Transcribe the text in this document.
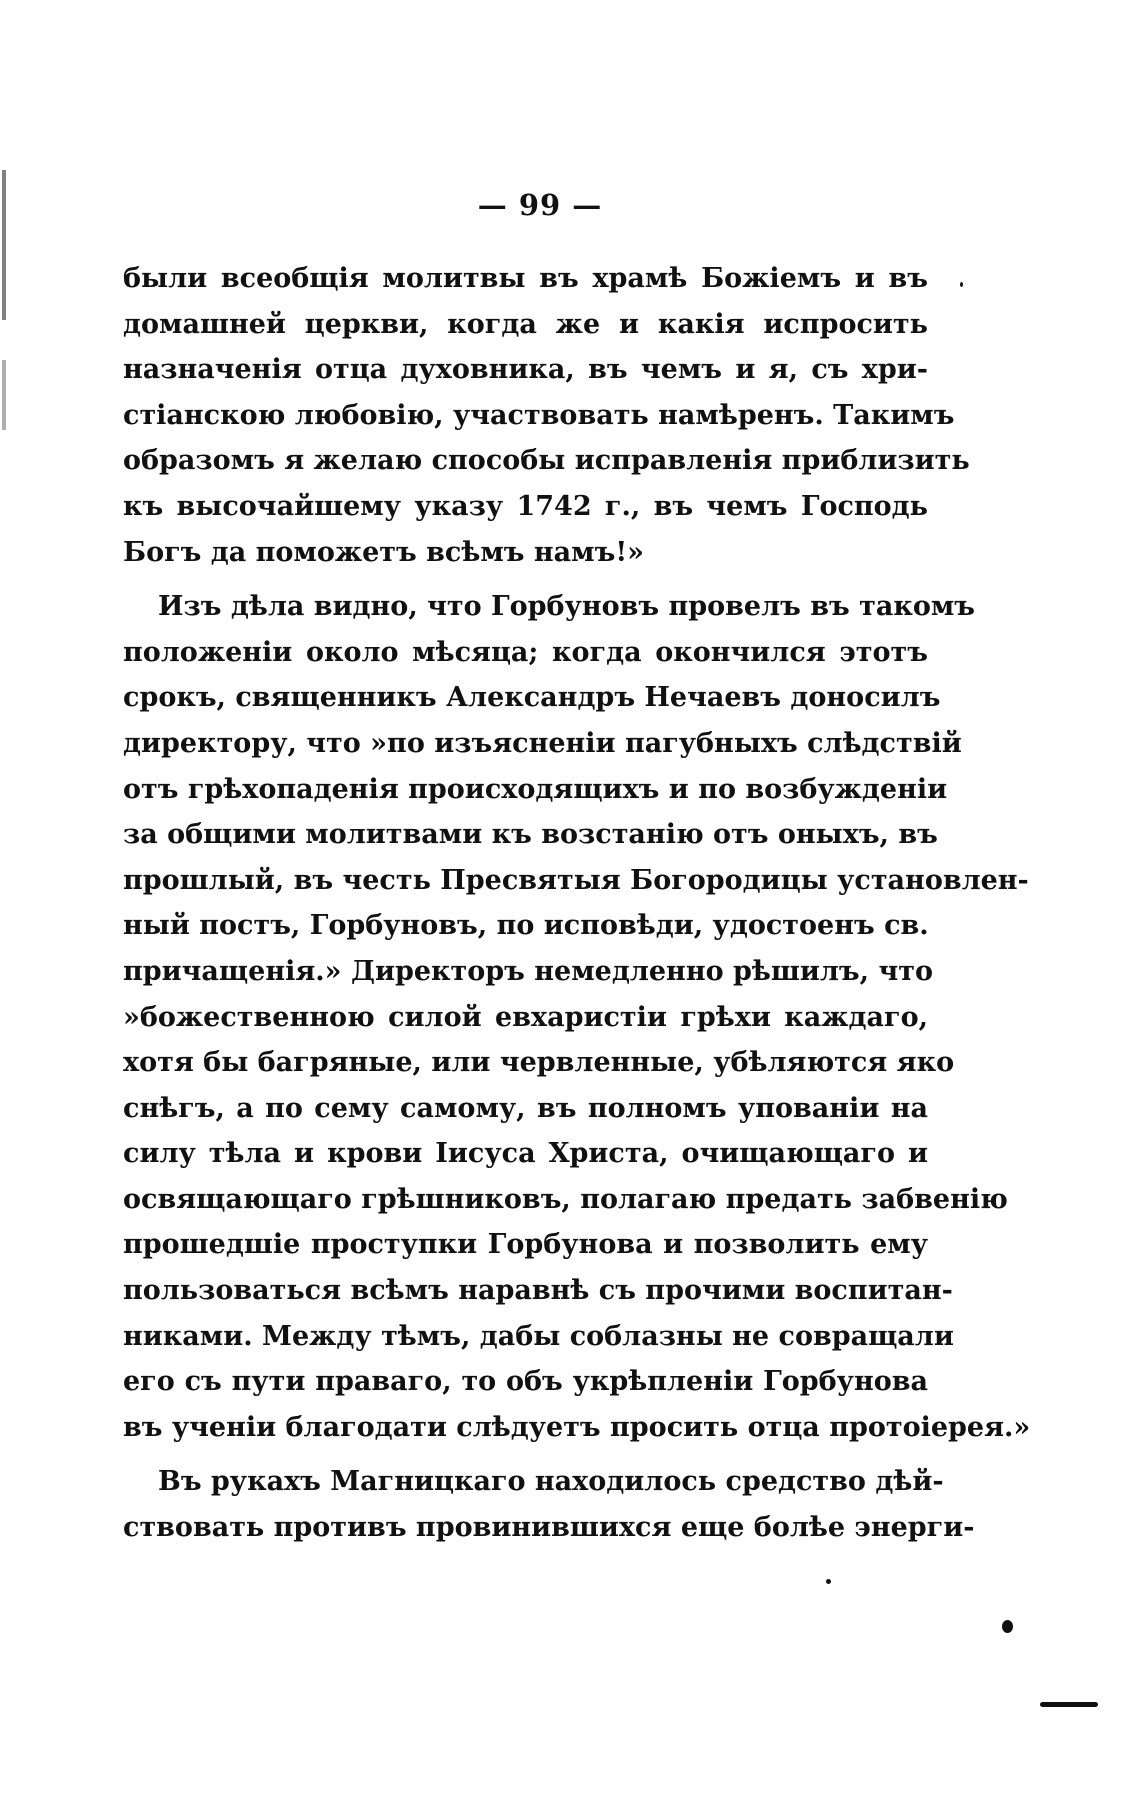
— 99 —

были всеобщія молитвы въ храмѣ Божіемъ и въ
домашней церкви, когда же и какія испросить
назначенія отца духовника, въ чемъ и я, съ хри-
стіанскою любовію, участвовать намѣренъ. Такимъ
образомъ я желаю способы исправленія приблизить
къ высочайшему указу 1742 г., въ чемъ Господь
Богъ да поможетъ всѣмъ намъ!»

Изъ дѣла видно, что Горбуновъ провелъ въ такомъ
положеніи около мѣсяца; когда окончился этотъ
срокъ, священникъ Александръ Нечаевъ доносилъ
директору, что »по изъясненіи пагубныхъ слѣдствій
отъ грѣхопаденія происходящихъ и по возбужденіи
за общими молитвами къ возстанію отъ оныхъ, въ
прошлый, въ честь Пресвятыя Богородицы установлен-
ный постъ, Горбуновъ, по исповѣди, удостоенъ св.
причащенія.» Директоръ немедленно рѣшилъ, что
»божественною силой евхаристіи грѣхи каждаго,
хотя бы багряные, или червленные, убѣляются яко
снѣгъ, а по сему самому, въ полномъ упованіи на
силу тѣла и крови Іисуса Христа, очищающаго и
освящающаго грѣшниковъ, полагаю предать забвенію
прошедшіе проступки Горбунова и позволить ему
пользоваться всѣмъ наравнѣ съ прочими воспитан-
никами. Между тѣмъ, дабы соблазны не совращали
его съ пути праваго, то объ укрѣпленіи Горбунова
въ ученіи благодати слѣдуетъ просить отца протоіерея.»

Въ рукахъ Магницкаго находилось средство дѣй-
ствовать противъ провинившихся еще болѣе энерги-
